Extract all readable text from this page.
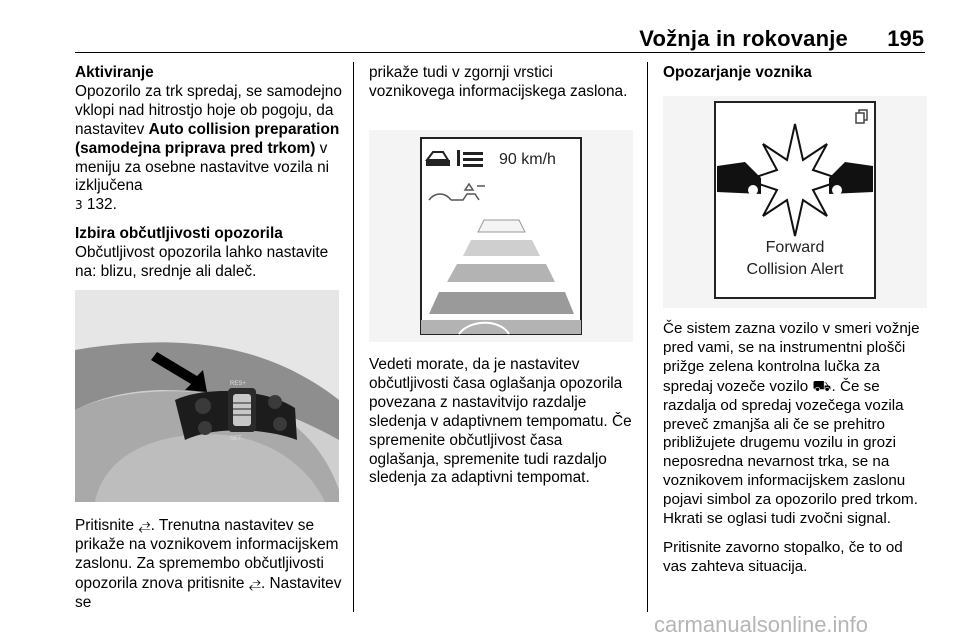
Vožnja in rokovanje 195

Aktiviranje

Opozorilo za trk spredaj, se samodejno vklopi nad hitrostjo hoje ob pogoju, da nastavitev Auto collision preparation (samodejna priprava pred trkom) v meniju za osebne nastavitve vozila ni izključena
3 132.

Izbira občutljivosti opozorila

Občutljivost opozorila lahko nastavite na: blizu, srednje ali daleč.

RES+
SET-

Pritisnite ⥄. Trenutna nastavitev se prikaže na voznikovem informacijskem zaslonu. Za spremembo občutljivosti opozorila znova pritisnite ⥄. Nastavitev se

prikaže tudi v zgornji vrstici voznikovega informacijskega zaslona.

90 km/h

Vedeti morate, da je nastavitev občutljivosti časa oglašanja opozorila povezana z nastavitvijo razdalje sledenja v adaptivnem tempomatu. Če spremenite občutljivost časa oglašanja, spremenite tudi razdaljo sledenja za adaptivni tempomat.

Opozarjanje voznika

Forward
Collision Alert

Če sistem zazna vozilo v smeri vožnje pred vami, se na instrumentni plošči prižge zelena kontrolna lučka za spredaj vozeče vozilo ⛟. Če se razdalja od spredaj vozečega vozila preveč zmanjša ali če se prehitro približujete drugemu vozilu in grozi neposredna nevarnost trka, se na voznikovem informacijskem zaslonu pojavi simbol za opozorilo pred trkom. Hkrati se oglasi tudi zvočni signal.

Pritisnite zavorno stopalko, če to od vas zahteva situacija.

carmanualsonline.info
